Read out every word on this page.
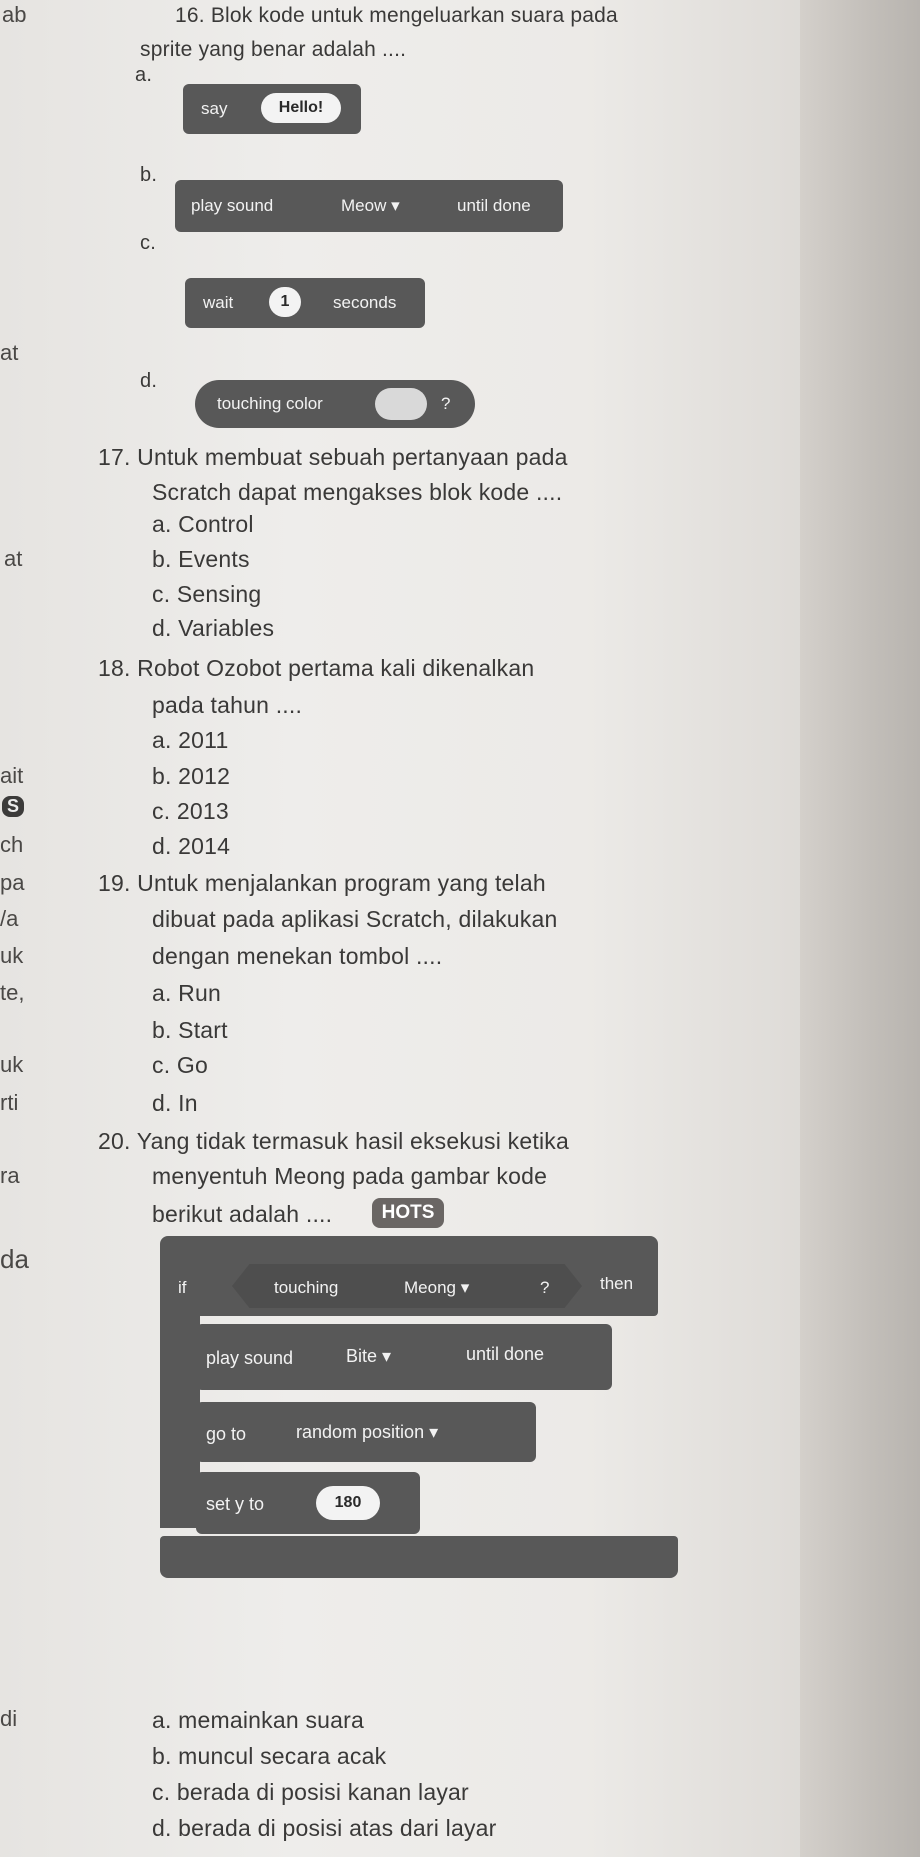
ab
at
at
ait
S
ch
pa
/a
uk
te,
uk
rti
ra
da
di
16. Blok kode untuk mengeluarkan suara pada
sprite yang benar adalah ....
a.
say	Hello!
b.
play sound	Meow ▾	until done
c.
wait	1	seconds
d.
touching color	?
17. Untuk membuat sebuah pertanyaan pada
Scratch dapat mengakses blok kode ....
a. Control
b. Events
c. Sensing
d. Variables
18. Robot Ozobot pertama kali dikenalkan
pada tahun ....
a. 2011
b. 2012
c. 2013
d. 2014
19. Untuk menjalankan program yang telah
dibuat pada aplikasi Scratch, dilakukan
dengan menekan tombol ....
a. Run
b. Start
c. Go
d. In
20. Yang tidak termasuk hasil eksekusi ketika
menyentuh Meong pada gambar kode
berikut adalah ....	HOTS
if	touching	Meong ▾	?	then
play sound	Bite ▾	until done
go to	random position ▾
set y to	180
a. memainkan suara
b. muncul secara acak
c. berada di posisi kanan layar
d. berada di posisi atas dari layar
